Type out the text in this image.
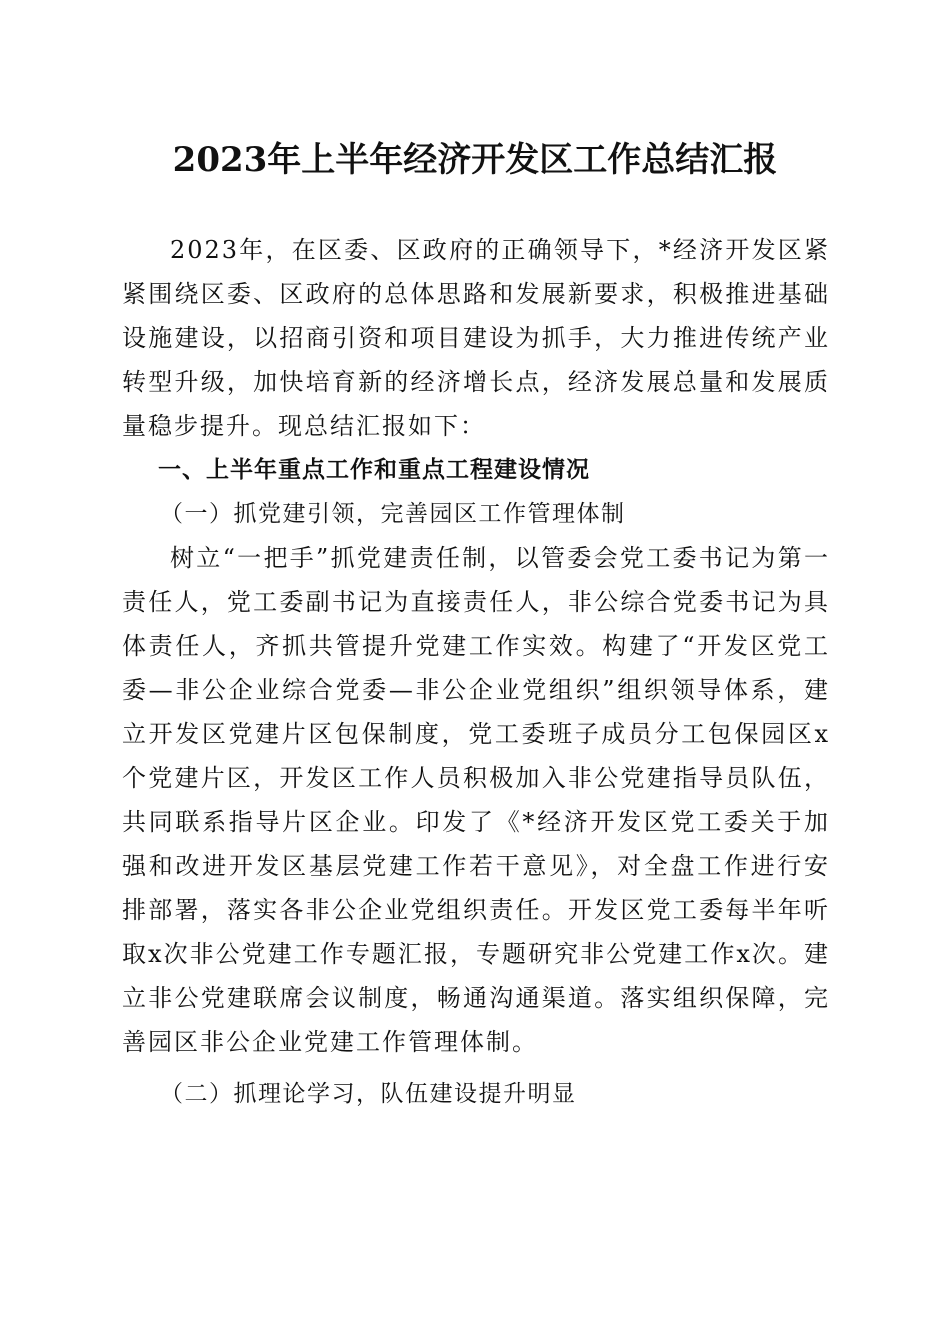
2023年上半年经济开发区工作总结汇报

2023年，在区委、区政府的正确领导下，*经济开发区紧紧围绕区委、区政府的总体思路和发展新要求，积极推进基础设施建设，以招商引资和项目建设为抓手，大力推进传统产业转型升级，加快培育新的经济增长点，经济发展总量和发展质量稳步提升。现总结汇报如下：

一、上半年重点工作和重点工程建设情况

（一）抓党建引领，完善园区工作管理体制

树立“一把手”抓党建责任制，以管委会党工委书记为第一责任人，党工委副书记为直接责任人，非公综合党委书记为具体责任人，齐抓共管提升党建工作实效。构建了“开发区党工委—非公企业综合党委—非公企业党组织”组织领导体系，建立开发区党建片区包保制度，党工委班子成员分工包保园区x个党建片区，开发区工作人员积极加入非公党建指导员队伍，共同联系指导片区企业。印发了《*经济开发区党工委关于加强和改进开发区基层党建工作若干意见》，对全盘工作进行安排部署，落实各非公企业党组织责任。开发区党工委每半年听取x次非公党建工作专题汇报，专题研究非公党建工作x次。建立非公党建联席会议制度，畅通沟通渠道。落实组织保障，完善园区非公企业党建工作管理体制。

（二）抓理论学习，队伍建设提升明显
